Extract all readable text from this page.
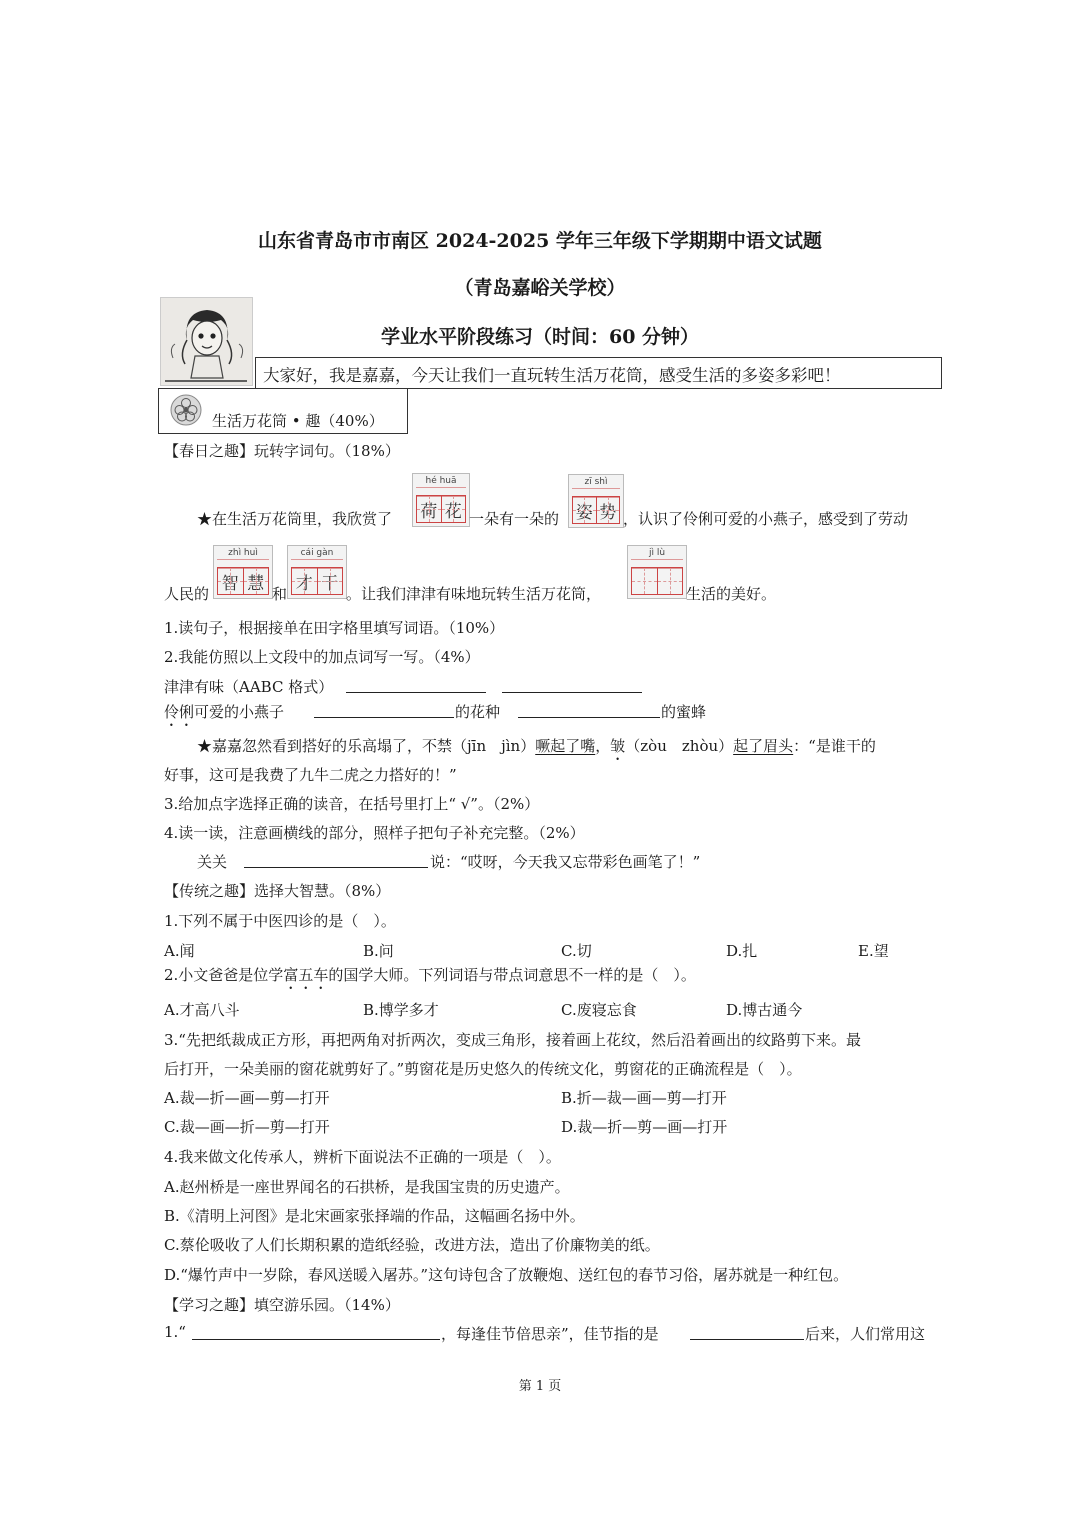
山东省青岛市市南区 2024-2025 学年三年级下学期期中语文试题
（青岛嘉峪关学校）
学业水平阶段练习（时间：60 分钟）
大家好，我是嘉嘉，今天让我们一直玩转生活万花筒，感受生活的多姿多彩吧！
生活万花筒 • 趣（40%）
【春日之趣】玩转字词句。（18%）
★在生活万花筒里，我欣赏了
hé huā
荷 花 一朵有一朵的
zī shì
姿 势 ，认识了伶俐可爱的小燕子，感受到了劳动
人民的
zhì huì
智 慧
和
cái gàn
才 干
。让我们津津有味地玩转生活万花筒，
jì lù
生活的美好。
1.读句子，根据接单在田字格里填写词语。（10%）
2.我能仿照以上文段中的加点词写一写。（4%）
津津有味（AABC 格式）
伶俐可爱的小燕子	的花种	的蜜蜂
★嘉嘉忽然看到搭好的乐高塌了，不禁（jīn　jìn）噘起了嘴，皱（zòu　zhòu）起了眉头：“是谁干的
好事，这可是我费了九牛二虎之力搭好的！”
3.给加点字选择正确的读音，在括号里打上“ √”。（2%）
4.读一读，注意画横线的部分，照样子把句子补充完整。（2%）
关关	说：“哎呀，今天我又忘带彩色画笔了！”
【传统之趣】选择大智慧。（8%）
1.下列不属于中医四诊的是（　）。
A.闻	B.问	C.切	D.扎	E.望
2.小文爸爸是位学富五车的国学大师。下列词语与带点词意思不一样的是（　）。
A.才高八斗	B.博学多才	C.废寝忘食	D.博古通今
3.“先把纸裁成正方形，再把两角对折两次，变成三角形，接着画上花纹，然后沿着画出的纹路剪下来。最
后打开，一朵美丽的窗花就剪好了。”剪窗花是历史悠久的传统文化，剪窗花的正确流程是（　）。
A.裁—折—画—剪—打开	B.折—裁—画—剪—打开
C.裁—画—折—剪—打开	D.裁—折—剪—画—打开
4.我来做文化传承人，辨析下面说法不正确的一项是（　）。
A.赵州桥是一座世界闻名的石拱桥，是我国宝贵的历史遗产。
B.《清明上河图》是北宋画家张择端的作品，这幅画名扬中外。
C.蔡伦吸收了人们长期积累的造纸经验，改进方法，造出了价廉物美的纸。
D.“爆竹声中一岁除，春风送暖入屠苏。”这句诗包含了放鞭炮、送红包的春节习俗，屠苏就是一种红包。
【学习之趣】填空游乐园。（14%）
1.“	，每逢佳节倍思亲”，佳节指的是	后来，人们常用这
第 1 页
